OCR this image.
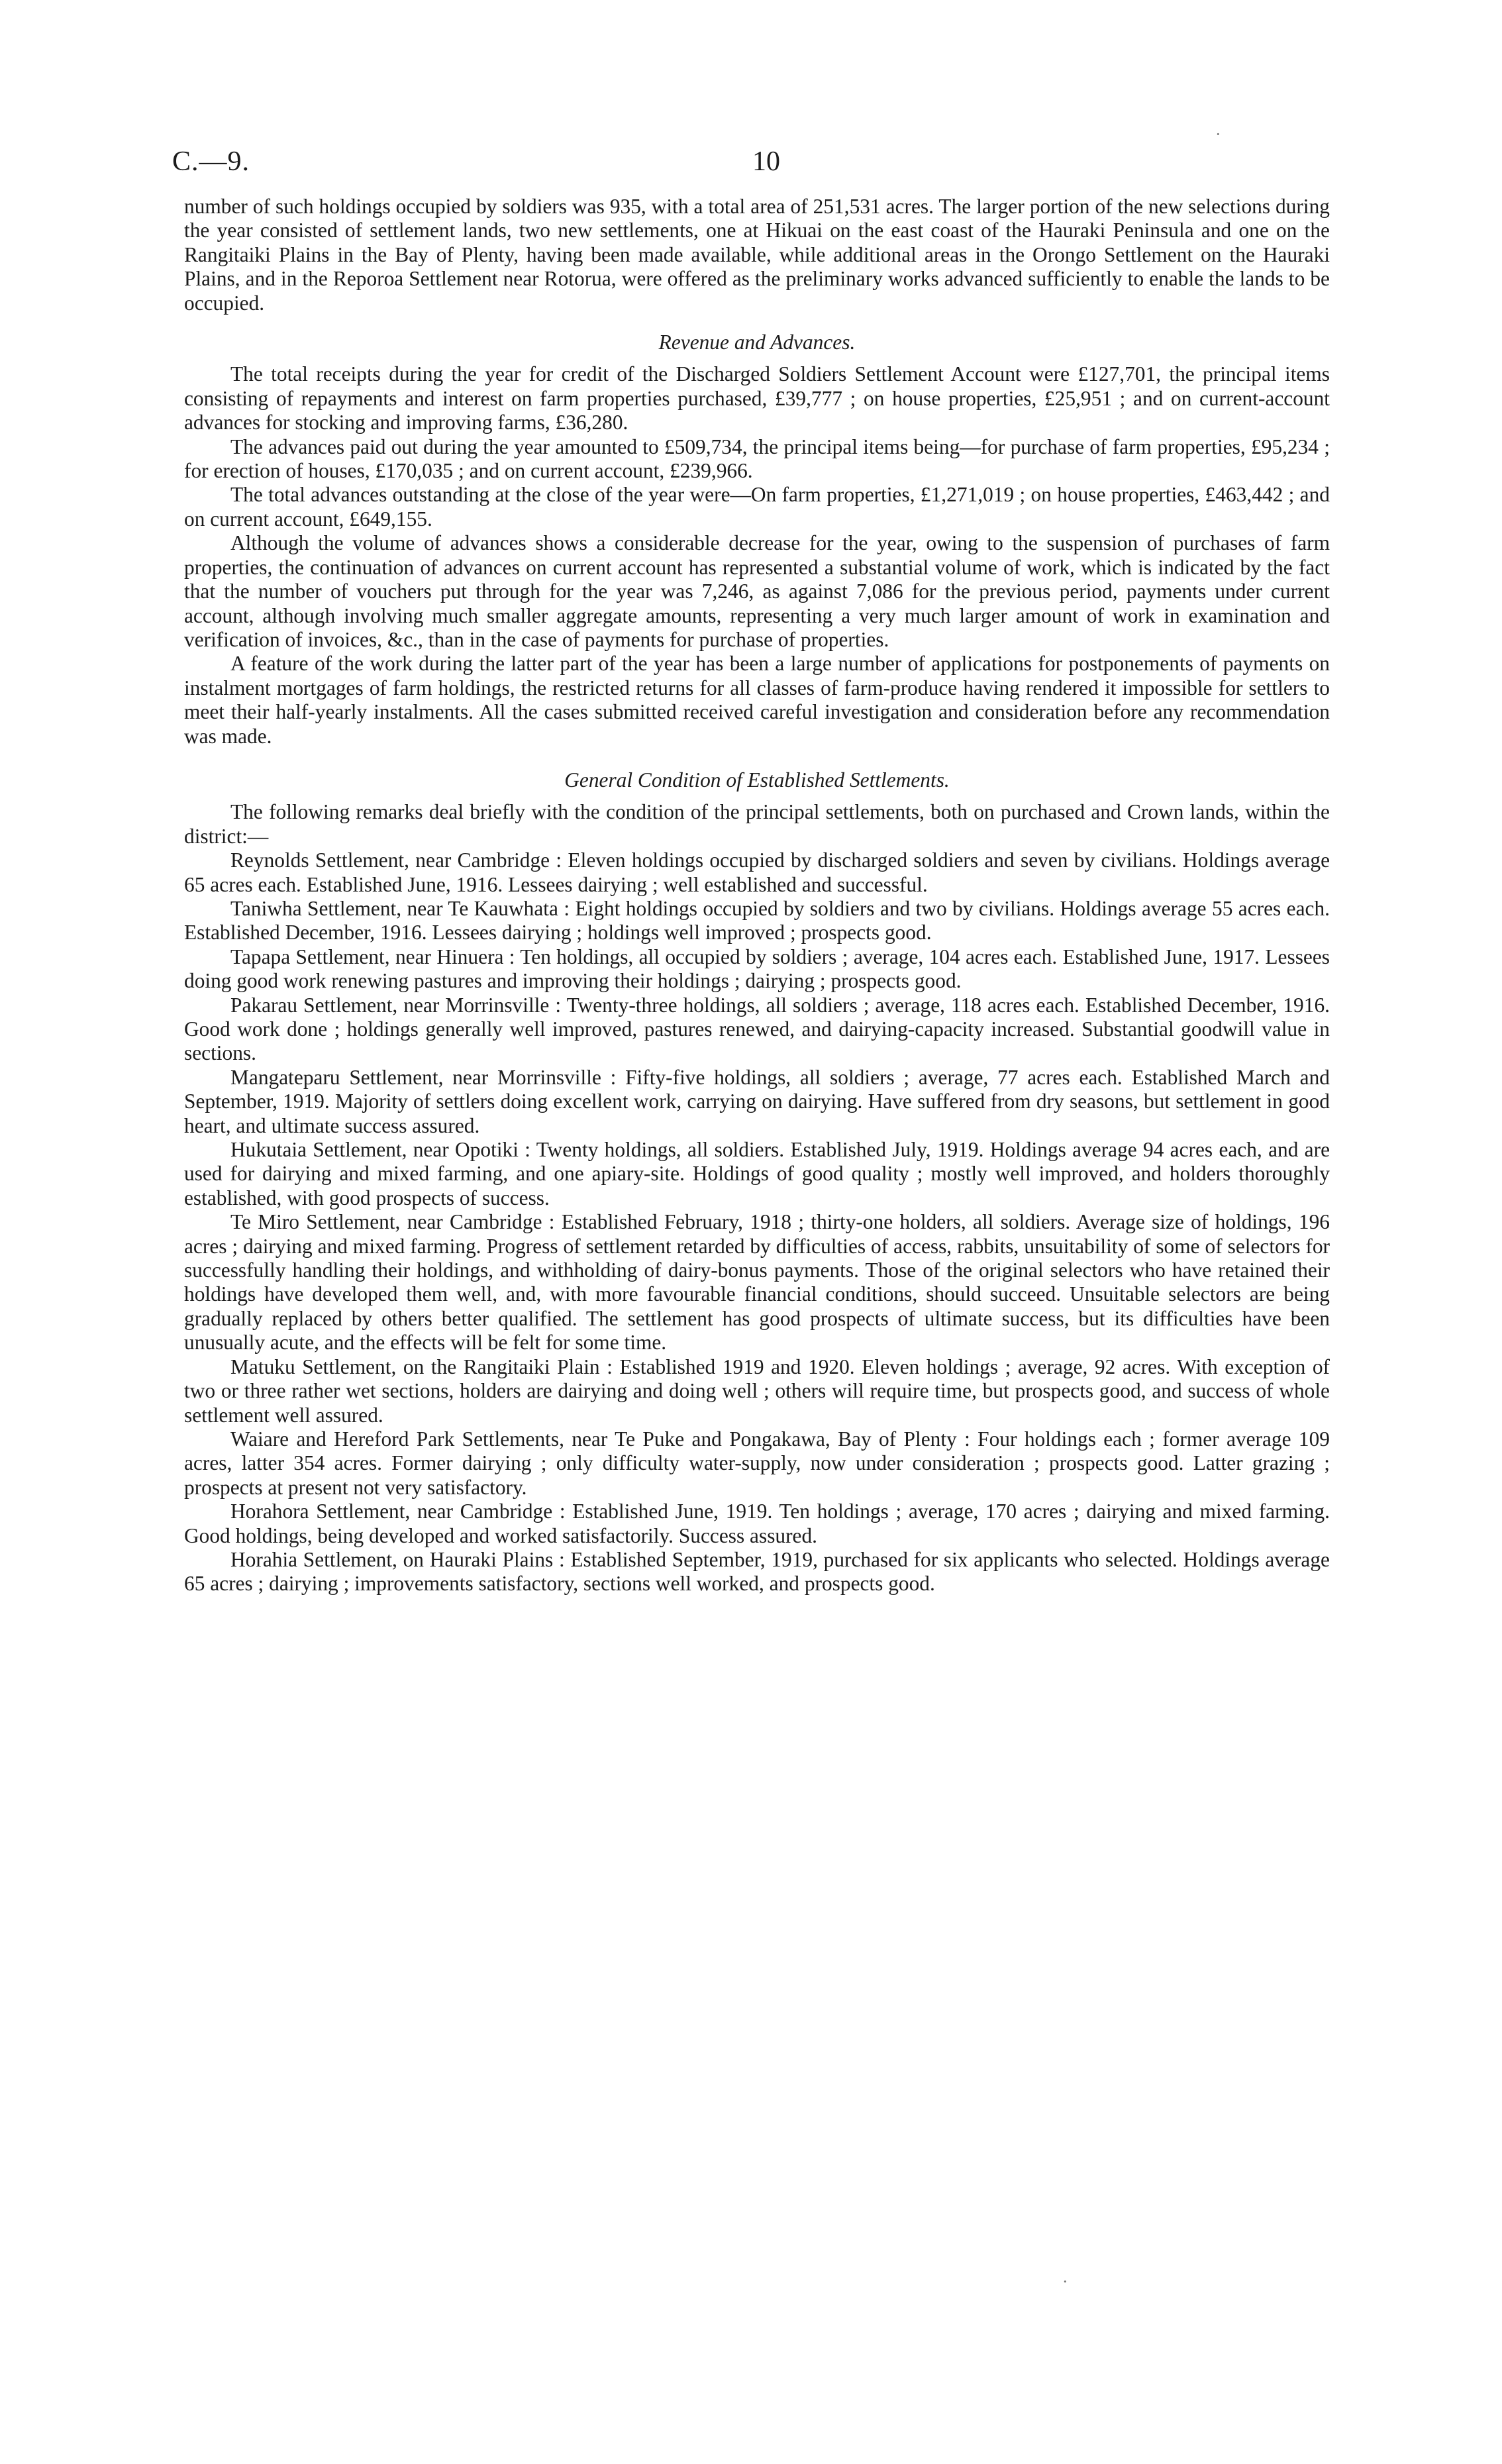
·
C.—9.	10

number of such holdings occupied by soldiers was 935, with a total area of 251,531 acres. The larger portion of the new selections during the year consisted of settlement lands, two new settlements, one at Hikuai on the east coast of the Hauraki Peninsula and one on the Rangitaiki Plains in the Bay of Plenty, having been made available, while additional areas in the Orongo Settlement on the Hauraki Plains, and in the Reporoa Settlement near Rotorua, were offered as the preliminary works advanced sufficiently to enable the lands to be occupied.

Revenue and Advances.

The total receipts during the year for credit of the Discharged Soldiers Settlement Account were £127,701, the principal items consisting of repayments and interest on farm properties purchased, £39,777 ; on house properties, £25,951 ; and on current-account advances for stocking and improving farms, £36,280.

The advances paid out during the year amounted to £509,734, the principal items being—for purchase of farm properties, £95,234 ; for erection of houses, £170,035 ; and on current account, £239,966.

The total advances outstanding at the close of the year were—On farm properties, £1,271,019 ; on house properties, £463,442 ; and on current account, £649,155.

Although the volume of advances shows a considerable decrease for the year, owing to the suspension of purchases of farm properties, the continuation of advances on current account has represented a substantial volume of work, which is indicated by the fact that the number of vouchers put through for the year was 7,246, as against 7,086 for the previous period, payments under current account, although involving much smaller aggregate amounts, representing a very much larger amount of work in examination and verification of invoices, &c., than in the case of payments for purchase of properties.

A feature of the work during the latter part of the year has been a large number of applications for postponements of payments on instalment mortgages of farm holdings, the restricted returns for all classes of farm-produce having rendered it impossible for settlers to meet their half-yearly instalments. All the cases submitted received careful investigation and consideration before any recommendation was made.

General Condition of Established Settlements.

The following remarks deal briefly with the condition of the principal settlements, both on purchased and Crown lands, within the district:—

Reynolds Settlement, near Cambridge : Eleven holdings occupied by discharged soldiers and seven by civilians. Holdings average 65 acres each. Established June, 1916. Lessees dairying ; well established and successful.

Taniwha Settlement, near Te Kauwhata : Eight holdings occupied by soldiers and two by civilians. Holdings average 55 acres each. Established December, 1916. Lessees dairying ; holdings well improved ; prospects good.

Tapapa Settlement, near Hinuera : Ten holdings, all occupied by soldiers ; average, 104 acres each. Established June, 1917. Lessees doing good work renewing pastures and improving their holdings ; dairying ; prospects good.

Pakarau Settlement, near Morrinsville : Twenty-three holdings, all soldiers ; average, 118 acres each. Established December, 1916. Good work done ; holdings generally well improved, pastures renewed, and dairying-capacity increased. Substantial goodwill value in sections.

Mangateparu Settlement, near Morrinsville : Fifty-five holdings, all soldiers ; average, 77 acres each. Established March and September, 1919. Majority of settlers doing excellent work, carrying on dairying. Have suffered from dry seasons, but settlement in good heart, and ultimate success assured.

Hukutaia Settlement, near Opotiki : Twenty holdings, all soldiers. Established July, 1919. Holdings average 94 acres each, and are used for dairying and mixed farming, and one apiary-site. Holdings of good quality ; mostly well improved, and holders thoroughly established, with good prospects of success.

Te Miro Settlement, near Cambridge : Established February, 1918 ; thirty-one holders, all soldiers. Average size of holdings, 196 acres ; dairying and mixed farming. Progress of settlement retarded by difficulties of access, rabbits, unsuitability of some of selectors for successfully handling their holdings, and withholding of dairy-bonus payments. Those of the original selectors who have retained their holdings have developed them well, and, with more favourable financial conditions, should succeed. Unsuitable selectors are being gradually replaced by others better qualified. The settlement has good prospects of ultimate success, but its difficulties have been unusually acute, and the effects will be felt for some time.

Matuku Settlement, on the Rangitaiki Plain : Established 1919 and 1920. Eleven holdings ; average, 92 acres. With exception of two or three rather wet sections, holders are dairying and doing well ; others will require time, but prospects good, and success of whole settlement well assured.

Waiare and Hereford Park Settlements, near Te Puke and Pongakawa, Bay of Plenty : Four holdings each ; former average 109 acres, latter 354 acres. Former dairying ; only difficulty water-supply, now under consideration ; prospects good. Latter grazing ; prospects at present not very satisfactory.

Horahora Settlement, near Cambridge : Established June, 1919. Ten holdings ; average, 170 acres ; dairying and mixed farming. Good holdings, being developed and worked satisfactorily. Success assured.

Horahia Settlement, on Hauraki Plains : Established September, 1919, purchased for six applicants who selected. Holdings average 65 acres ; dairying ; improvements satisfactory, sections well worked, and prospects good.

·
